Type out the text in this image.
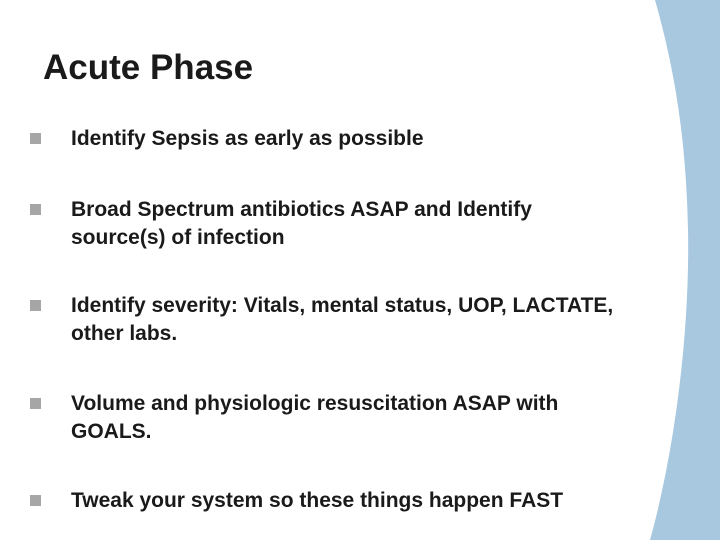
Acute Phase
Identify Sepsis as early as possible
Broad Spectrum antibiotics ASAP and Identify source(s) of infection
Identify severity: Vitals, mental status, UOP, LACTATE, other labs.
Volume and physiologic resuscitation ASAP with GOALS.
Tweak your system so these things happen FAST
